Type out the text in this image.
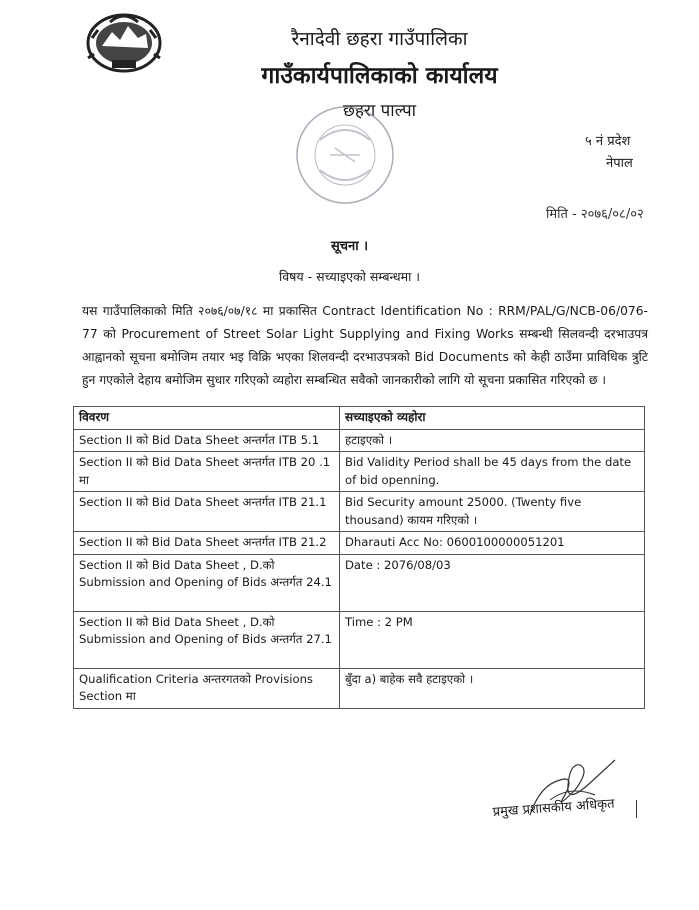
रैनादेवी छहरा गाउँपालिका
गाउँकार्यपालिकाको कार्यालय
छहरा पाल्पा
५ नं प्रदेश
नेपाल
मिति - २०७६/०८/०२
सूचना ।
विषय - सच्याइएको सम्बन्धमा ।
यस गाउँपालिकाको मिति २०७६/०७/१८ मा प्रकासित Contract Identification No : RRM/PAL/G/NCB-06/076-77 को Procurement of Street Solar Light Supplying and Fixing Works सम्बन्धी सिलवन्दी दरभाउपत्र आह्वानको सूचना बमोजिम तयार भइ विक्रि भएका शिलवन्दी दरभाउपत्रको Bid Documents को केही ठाउँमा प्राविधिक त्रुटि हुन गएकोले देहाय बमोजिम सुधार गरिएको व्यहोरा सम्बन्धित सवैको जानकारीको लागि यो सूचना प्रकासित गरिएको छ ।
विवरण	सच्याइएको व्यहोरा
Section II को Bid Data Sheet अन्तर्गत ITB 5.1	हटाइएको ।
Section II को Bid Data Sheet अन्तर्गत ITB 20 .1 मा	Bid Validity Period shall be 45 days from the date of bid openning.
Section II को Bid Data Sheet अन्तर्गत ITB 21.1	Bid Security amount 25000. (Twenty five thousand) कायम गरिएको ।
Section II को Bid Data Sheet अन्तर्गत ITB 21.2	Dharauti Acc No: 0600100000051201
Section II को Bid Data Sheet , D.को Submission and Opening of Bids अन्तर्गत 24.1	Date : 2076/08/03
Section II को Bid Data Sheet , D.को Submission and Opening of Bids अन्तर्गत 27.1	Time : 2 PM
Qualification Criteria अन्तरगतको Provisions Section मा	बुँदा a) बाहेक सवै हटाइएको ।
प्रमुख प्रशासकीय अधिकृत
